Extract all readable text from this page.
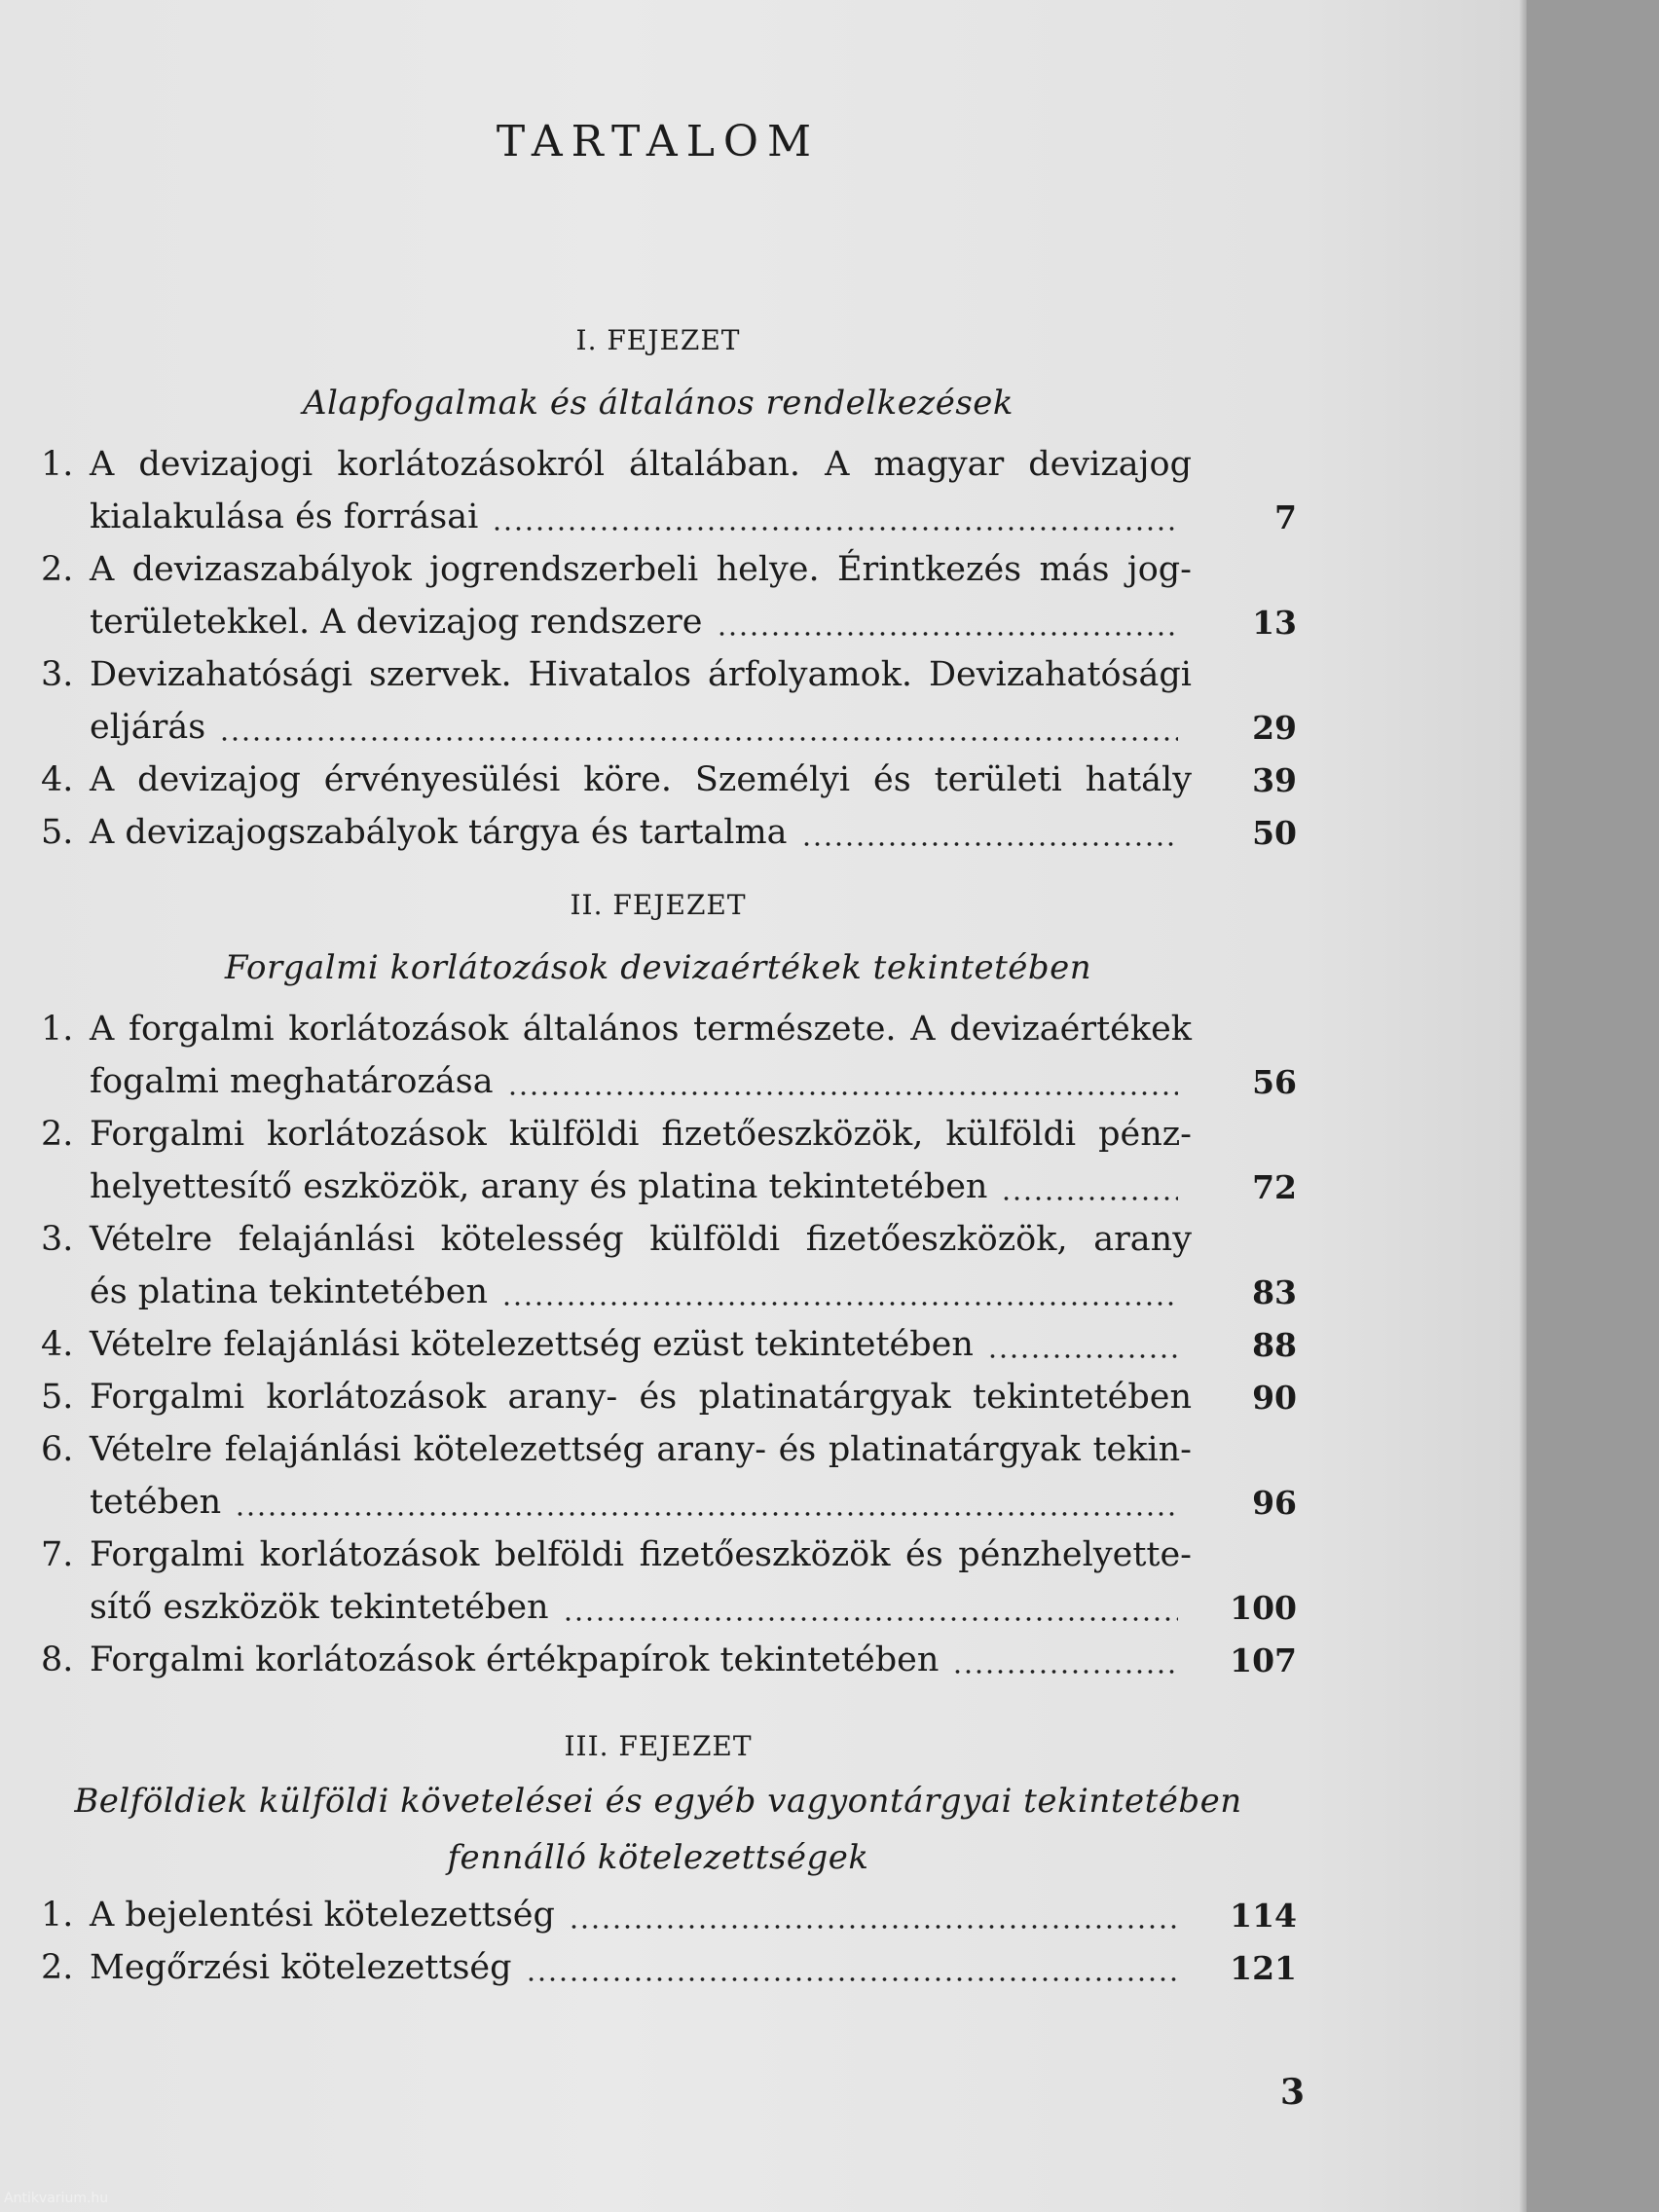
TARTALOM
I. FEJEZET
Alapfogalmak és általános rendelkezések
1. A devizajogi korlátozásokról általában. A magyar devizajog
kialakulása és forrásai	7
2. A devizaszabályok jogrendszerbeli helye. Érintkezés más jog-
területekkel. A devizajog rendszere	13
3. Devizahatósági szervek. Hivatalos árfolyamok. Devizahatósági
eljárás	29
4. A devizajog érvényesülési köre. Személyi és területi hatály	39
5. A devizajogszabályok tárgya és tartalma	50
II. FEJEZET
Forgalmi korlátozások devizaértékek tekintetében
1. A forgalmi korlátozások általános természete. A devizaértékek
fogalmi meghatározása	56
2. Forgalmi korlátozások külföldi fizetőeszközök, külföldi pénz-
helyettesítő eszközök, arany és platina tekintetében	72
3. Vételre felajánlási kötelesség külföldi fizetőeszközök, arany
és platina tekintetében	83
4. Vételre felajánlási kötelezettség ezüst tekintetében	88
5. Forgalmi korlátozások arany- és platinatárgyak tekintetében	90
6. Vételre felajánlási kötelezettség arany- és platinatárgyak tekin-
tetében	96
7. Forgalmi korlátozások belföldi fizetőeszközök és pénzhelyette-
sítő eszközök tekintetében	100
8. Forgalmi korlátozások értékpapírok tekintetében	107
III. FEJEZET
Belföldiek külföldi követelései és egyéb vagyontárgyai tekintetében
fennálló kötelezettségek
1. A bejelentési kötelezettség	114
2. Megőrzési kötelezettség	121
3
Antikvarium.hu
